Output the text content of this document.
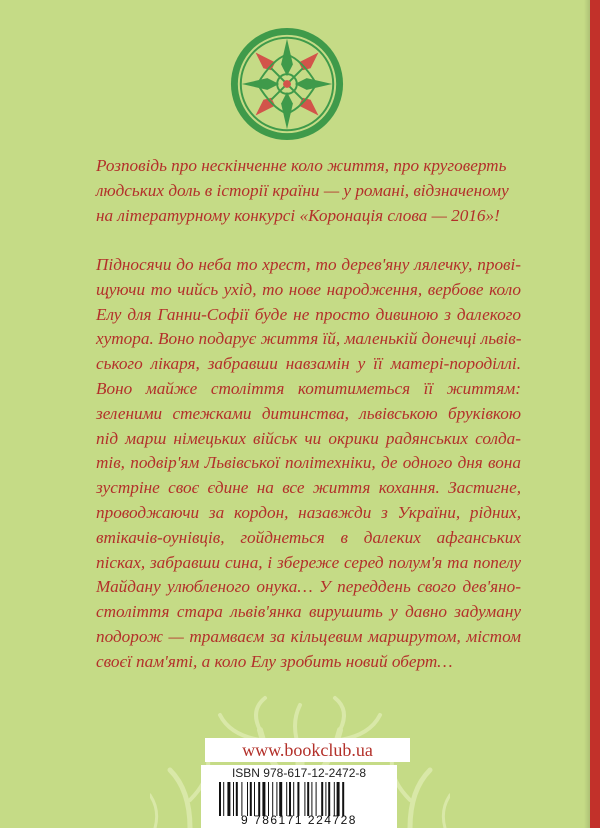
Розповідь про нескінченне коло життя, про круговерть
людських доль в історії країни — у романі, відзначеному
на літературному конкурсі «Коронація слова — 2016»!
Підносячи до неба то хрест, то дерев'яну лялечку, прові-
щуючи то чийсь ухід, то нове народження, вербове коло
Елу для Ганни-Софії буде не просто дивиною з далекого
хутора. Воно подарує життя їй, маленькій донечці львів-
ського лікаря, забравши навзамін у її матері-породіллі.
Воно майже століття котитиметься її життям:
зеленими стежками дитинства, львівською бруківкою
під марш німецьких військ чи окрики радянських солда-
тів, подвір'ям Львівської політехніки, де одного дня вона
зустріне своє єдине на все життя кохання. Застигне,
проводжаючи за кордон, назавжди з України, рідних,
втікачів-оунівців, гойднеться в далеких афганських
пісках, забравши сина, і збереже серед полум'я та попелу
Майдану улюбленого онука… У переддень свого дев'яно-
століття стара львів'янка вирушить у давно задуману
подорож — трамваєм за кільцевим маршрутом, містом
своєї пам'яті, а коло Елу зробить новий оберт…
www.bookclub.ua
ISBN 978-617-12-2472-8
9 786171 224728
